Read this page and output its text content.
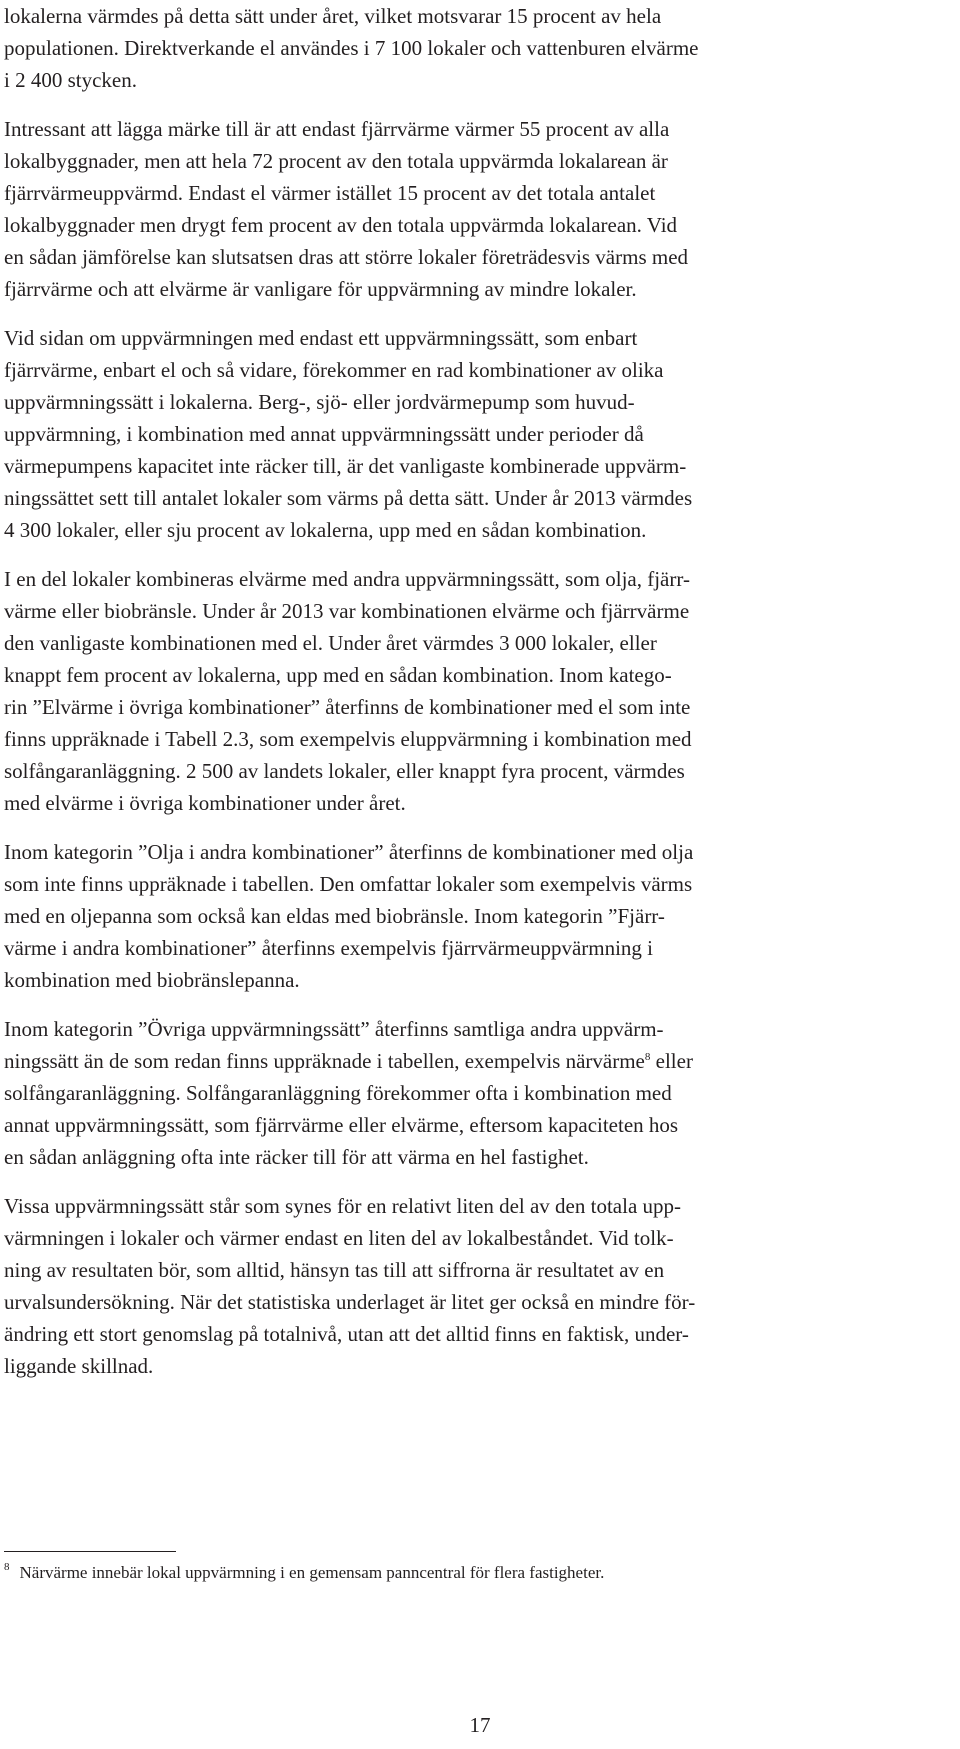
lokalerna värmdes på detta sätt under året, vilket motsvarar 15 procent av hela
populationen. Direktverkande el användes i 7 100 lokaler och vattenburen elvärme
i 2 400 stycken.

Intressant att lägga märke till är att endast fjärrvärme värmer 55 procent av alla
lokalbyggnader, men att hela 72 procent av den totala uppvärmda lokalarean är
fjärrvärmeuppvärmd. Endast el värmer istället 15 procent av det totala antalet
lokalbyggnader men drygt fem procent av den totala uppvärmda lokalarean. Vid
en sådan jämförelse kan slutsatsen dras att större lokaler företrädesvis värms med
fjärrvärme och att elvärme är vanligare för uppvärmning av mindre lokaler.

Vid sidan om uppvärmningen med endast ett uppvärmningssätt, som enbart
fjärrvärme, enbart el och så vidare, förekommer en rad kombinationer av olika
uppvärmningssätt i lokalerna. Berg-, sjö- eller jordvärmepump som huvud-
uppvärmning, i kombination med annat uppvärmningssätt under perioder då
värmepumpens kapacitet inte räcker till, är det vanligaste kombinerade uppvärm-
ningssättet sett till antalet lokaler som värms på detta sätt. Under år 2013 värmdes
4 300 lokaler, eller sju procent av lokalerna, upp med en sådan kombination.

I en del lokaler kombineras elvärme med andra uppvärmningssätt, som olja, fjärr-
värme eller biobränsle. Under år 2013 var kombinationen elvärme och fjärrvärme
den vanligaste kombinationen med el. Under året värmdes 3 000 lokaler, eller
knappt fem procent av lokalerna, upp med en sådan kombination. Inom katego-
rin ”Elvärme i övriga kombinationer” återfinns de kombinationer med el som inte
finns uppräknade i Tabell 2.3, som exempelvis eluppvärmning i kombination med
solfångaranläggning. 2 500 av landets lokaler, eller knappt fyra procent, värmdes
med elvärme i övriga kombinationer under året.

Inom kategorin ”Olja i andra kombinationer” återfinns de kombinationer med olja
som inte finns uppräknade i tabellen. Den omfattar lokaler som exempelvis värms
med en oljepanna som också kan eldas med biobränsle. Inom kategorin ”Fjärr-
värme i andra kombinationer” återfinns exempelvis fjärrvärmeuppvärmning i
kombination med biobränslepanna.

Inom kategorin ”Övriga uppvärmningssätt” återfinns samtliga andra uppvärm-
ningssätt än de som redan finns uppräknade i tabellen, exempelvis närvärme$^8$ eller
solfångaranläggning. Solfångaranläggning förekommer ofta i kombination med
annat uppvärmningssätt, som fjärrvärme eller elvärme, eftersom kapaciteten hos
en sådan anläggning ofta inte räcker till för att värma en hel fastighet.

Vissa uppvärmningssätt står som synes för en relativt liten del av den totala upp-
värmningen i lokaler och värmer endast en liten del av lokalbeståndet. Vid tolk-
ning av resultaten bör, som alltid, hänsyn tas till att siffrorna är resultatet av en
urvalsundersökning. När det statistiska underlaget är litet ger också en mindre för-
ändring ett stort genomslag på totalnivå, utan att det alltid finns en faktisk, under-
liggande skillnad.

$^8$ Närvärme innebär lokal uppvärmning i en gemensam panncentral för flera fastigheter.
17
